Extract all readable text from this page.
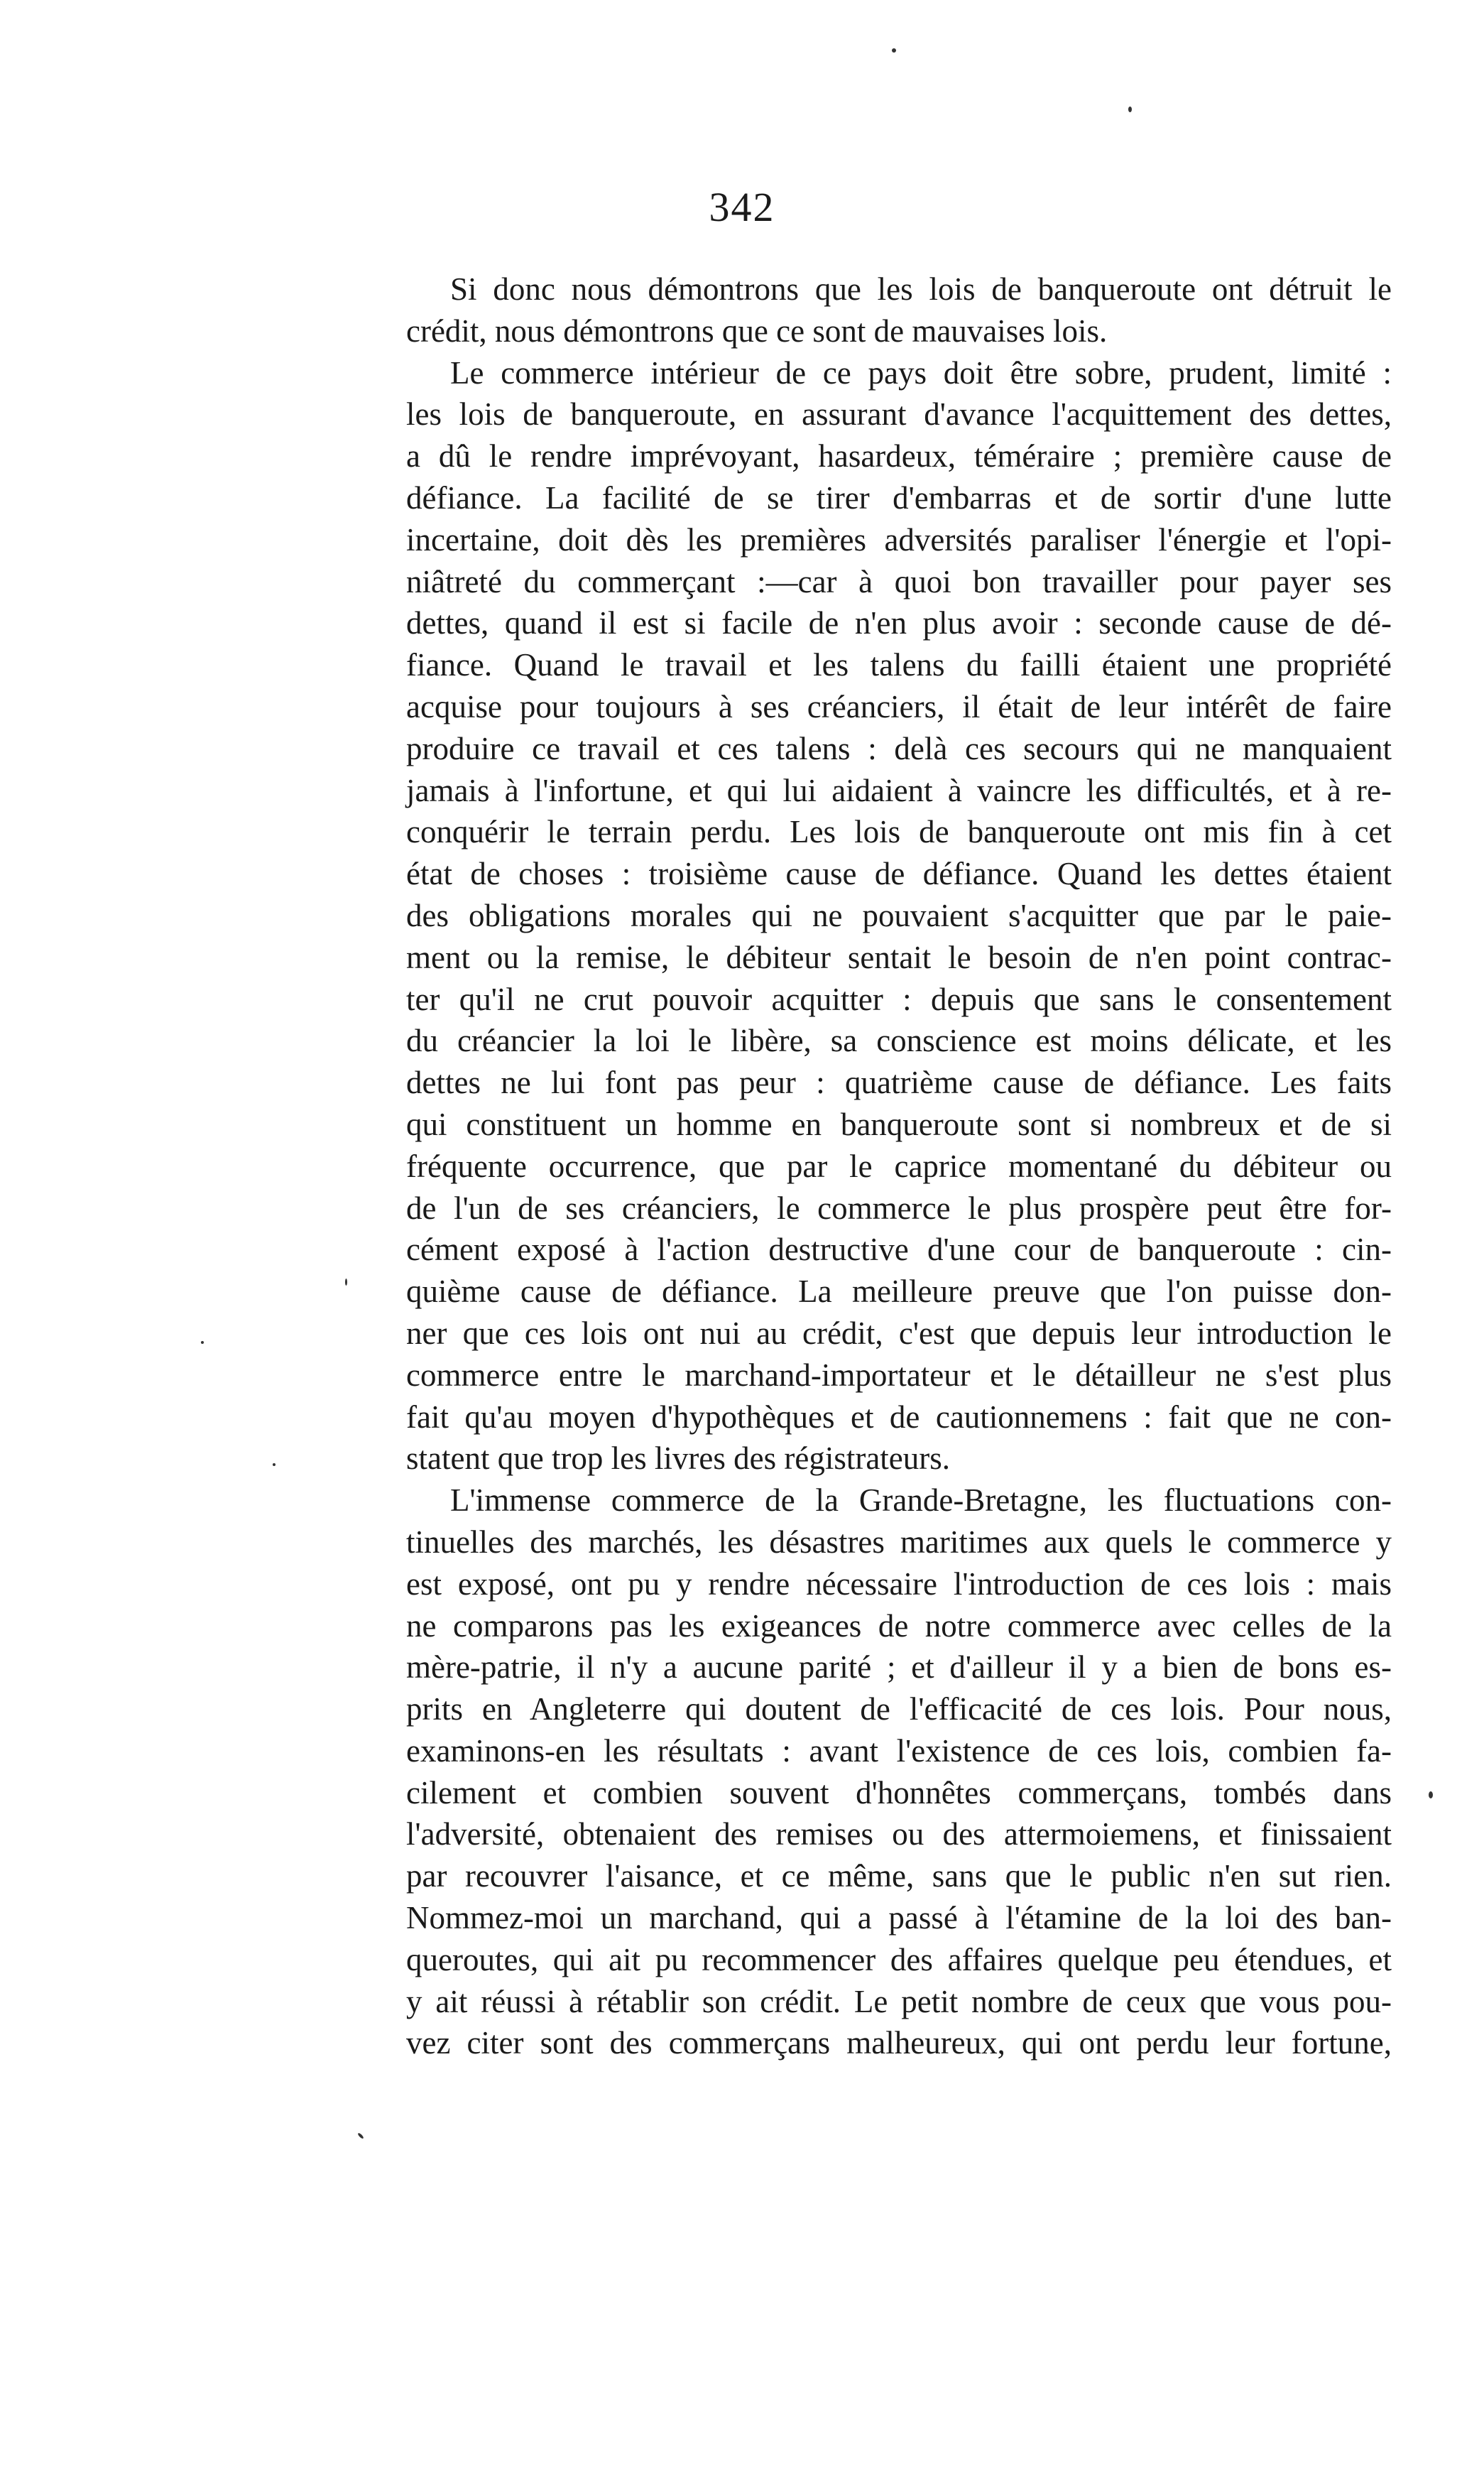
342
Si donc nous démontrons que les lois de banqueroute ont détruit le
crédit, nous démontrons que ce sont de mauvaises lois.
Le commerce intérieur de ce pays doit être sobre, prudent, limité :
les lois de banqueroute, en assurant d'avance l'acquittement des dettes,
a dû le rendre imprévoyant, hasardeux, téméraire ; première cause de
défiance. La facilité de se tirer d'embarras et de sortir d'une lutte
incertaine, doit dès les premières adversités paraliser l'énergie et l'opi-
niâtreté du commerçant :—car à quoi bon travailler pour payer ses
dettes, quand il est si facile de n'en plus avoir : seconde cause de dé-
fiance. Quand le travail et les talens du failli étaient une propriété
acquise pour toujours à ses créanciers, il était de leur intérêt de faire
produire ce travail et ces talens : delà ces secours qui ne manquaient
jamais à l'infortune, et qui lui aidaient à vaincre les difficultés, et à re-
conquérir le terrain perdu. Les lois de banqueroute ont mis fin à cet
état de choses : troisième cause de défiance. Quand les dettes étaient
des obligations morales qui ne pouvaient s'acquitter que par le paie-
ment ou la remise, le débiteur sentait le besoin de n'en point contrac-
ter qu'il ne crut pouvoir acquitter : depuis que sans le consentement
du créancier la loi le libère, sa conscience est moins délicate, et les
dettes ne lui font pas peur : quatrième cause de défiance. Les faits
qui constituent un homme en banqueroute sont si nombreux et de si
fréquente occurrence, que par le caprice momentané du débiteur ou
de l'un de ses créanciers, le commerce le plus prospère peut être for-
cément exposé à l'action destructive d'une cour de banqueroute : cin-
quième cause de défiance. La meilleure preuve que l'on puisse don-
ner que ces lois ont nui au crédit, c'est que depuis leur introduction le
commerce entre le marchand-importateur et le détailleur ne s'est plus
fait qu'au moyen d'hypothèques et de cautionnemens : fait que ne con-
statent que trop les livres des régistrateurs.
L'immense commerce de la Grande-Bretagne, les fluctuations con-
tinuelles des marchés, les désastres maritimes aux quels le commerce y
est exposé, ont pu y rendre nécessaire l'introduction de ces lois : mais
ne comparons pas les exigeances de notre commerce avec celles de la
mère-patrie, il n'y a aucune parité ; et d'ailleur il y a bien de bons es-
prits en Angleterre qui doutent de l'efficacité de ces lois. Pour nous,
examinons-en les résultats : avant l'existence de ces lois, combien fa-
cilement et combien souvent d'honnêtes commerçans, tombés dans
l'adversité, obtenaient des remises ou des attermoiemens, et finissaient
par recouvrer l'aisance, et ce même, sans que le public n'en sut rien.
Nommez-moi un marchand, qui a passé à l'étamine de la loi des ban-
queroutes, qui ait pu recommencer des affaires quelque peu étendues, et
y ait réussi à rétablir son crédit. Le petit nombre de ceux que vous pou-
vez citer sont des commerçans malheureux, qui ont perdu leur fortune,
